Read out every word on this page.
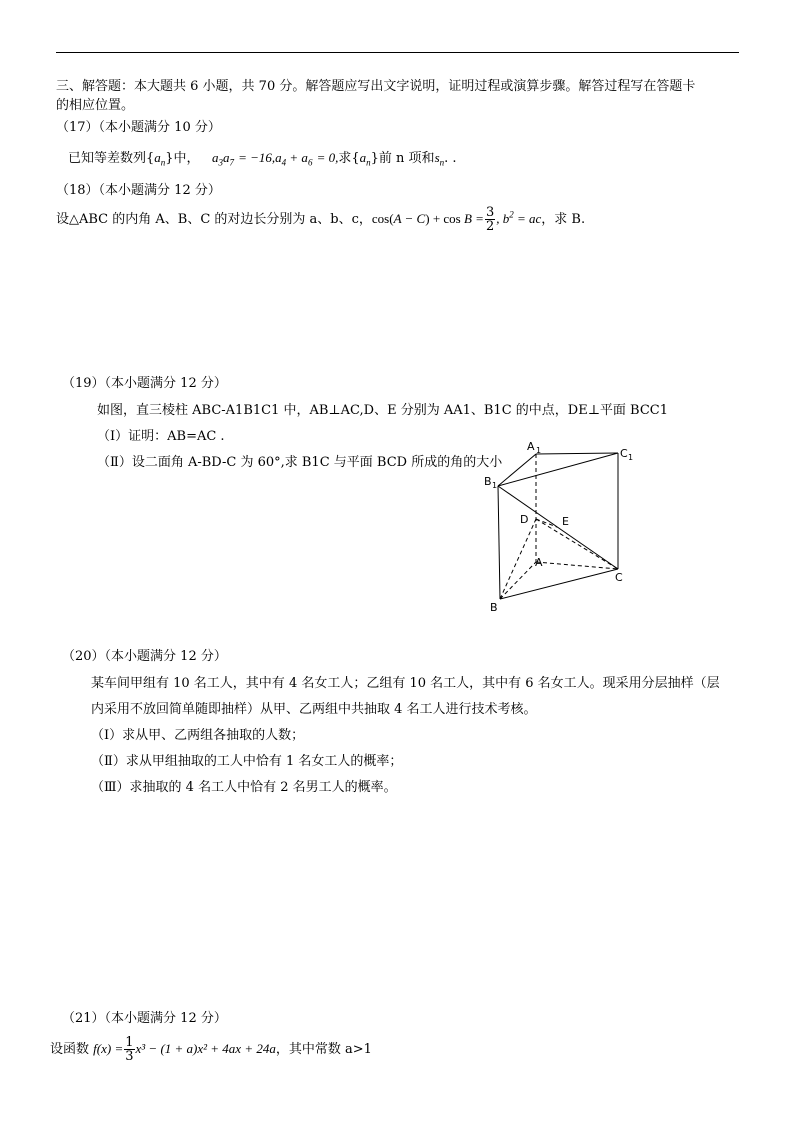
三、解答题：本大题共 6 小题，共 70 分。解答题应写出文字说明，证明过程或演算步骤。解答过程写在答题卡
的相应位置。
（17）（本小题满分 10 分）
已知等差数列$\{a_n\}$中， $a_3a_7 = -16,a_4 + a_6 = 0$,求$\{a_n\}$前 n 项和$s_n$. .
（18）（本小题满分 12 分）
设△ABC 的内角 A、B、C 的对边长分别为 a、b、c，$\cos(A - C) + \cos B = \frac{3}{2}$ , $b^2$ = ac，求 B.
（19）（本小题满分 12 分）
如图，直三棱柱 ABC-A1B1C1 中，AB⊥AC,D、E 分别为 AA1、B1C 的中点，DE⊥平面 BCC1
（Ⅰ）证明：AB=AC .
（Ⅱ）设二面角 A-BD-C 为 60°,求 B1C 与平面 BCD 所成的角的大小
A 1	C 1
B 1
D	E
A
C
B
（20）（本小题满分 12 分）
某车间甲组有 10 名工人，其中有 4 名女工人；乙组有 10 名工人，其中有 6 名女工人。现采用分层抽样（层
内采用不放回简单随即抽样）从甲、乙两组中共抽取 4 名工人进行技术考核。
（Ⅰ）求从甲、乙两组各抽取的人数；
（Ⅱ）求从甲组抽取的工人中恰有 1 名女工人的概率；
（Ⅲ）求抽取的 4 名工人中恰有 2 名男工人的概率。
（21）（本小题满分 12 分）
设函数 $f(x) = \frac{1}{3} x^3 - (1 + a)x^2 + 4ax + 24a$，其中常数 a>1
